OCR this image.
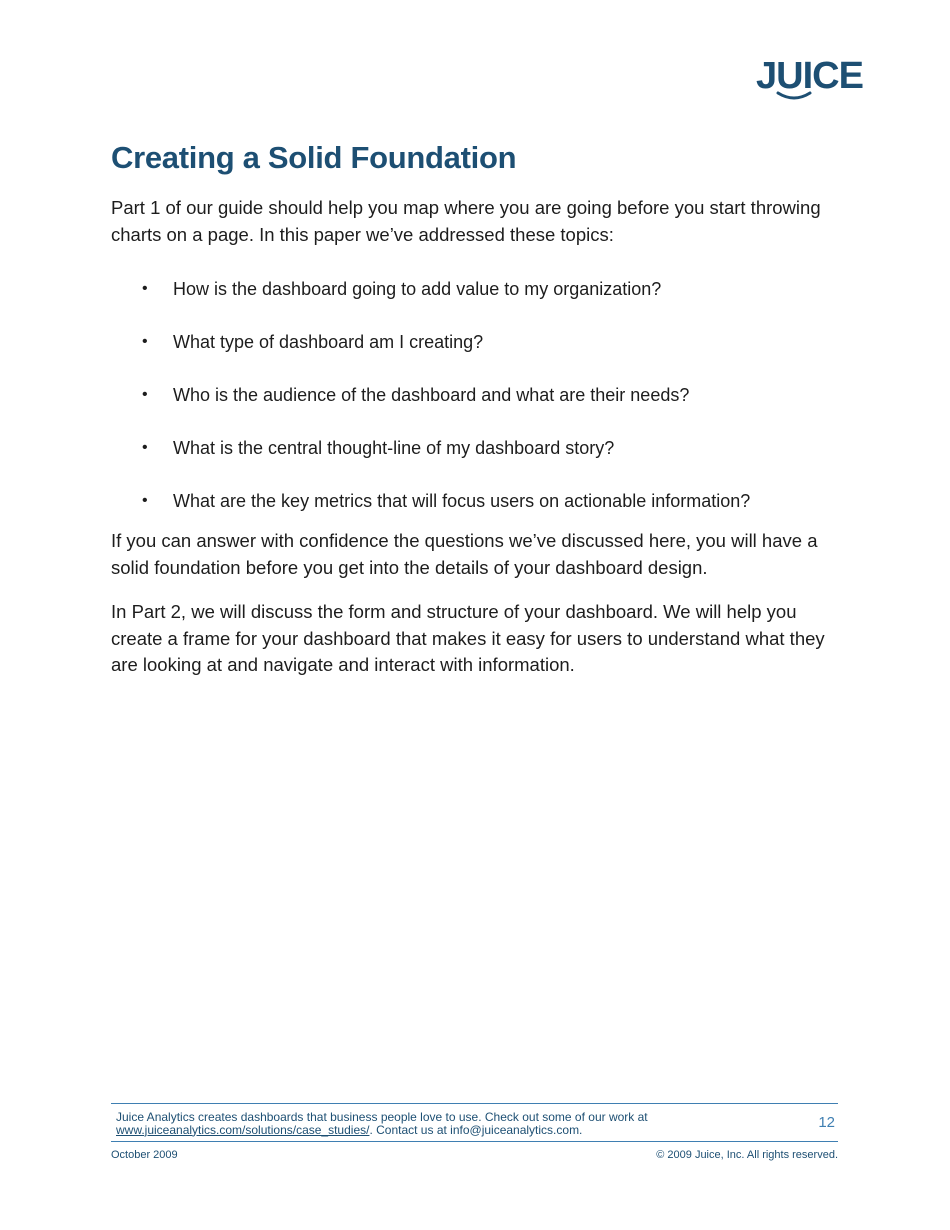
JUICE
Creating a Solid Foundation

Part 1 of our guide should help you map where you are going before you start throwing charts on a page. In this paper we’ve addressed these topics:

• How is the dashboard going to add value to my organization?
• What type of dashboard am I creating?
• Who is the audience of the dashboard and what are their needs?
• What is the central thought-line of my dashboard story?
• What are the key metrics that will focus users on actionable information?

If you can answer with confidence the questions we’ve discussed here, you will have a solid foundation before you get into the details of your dashboard design.

In Part 2, we will discuss the form and structure of your dashboard. We will help you create a frame for your dashboard that makes it easy for users to understand what they are looking at and navigate and interact with information.

Juice Analytics creates dashboards that business people love to use. Check out some of our work at
www.juiceanalytics.com/solutions/case_studies/. Contact us at info@juiceanalytics.com.	12
October 2009	© 2009 Juice, Inc. All rights reserved.
